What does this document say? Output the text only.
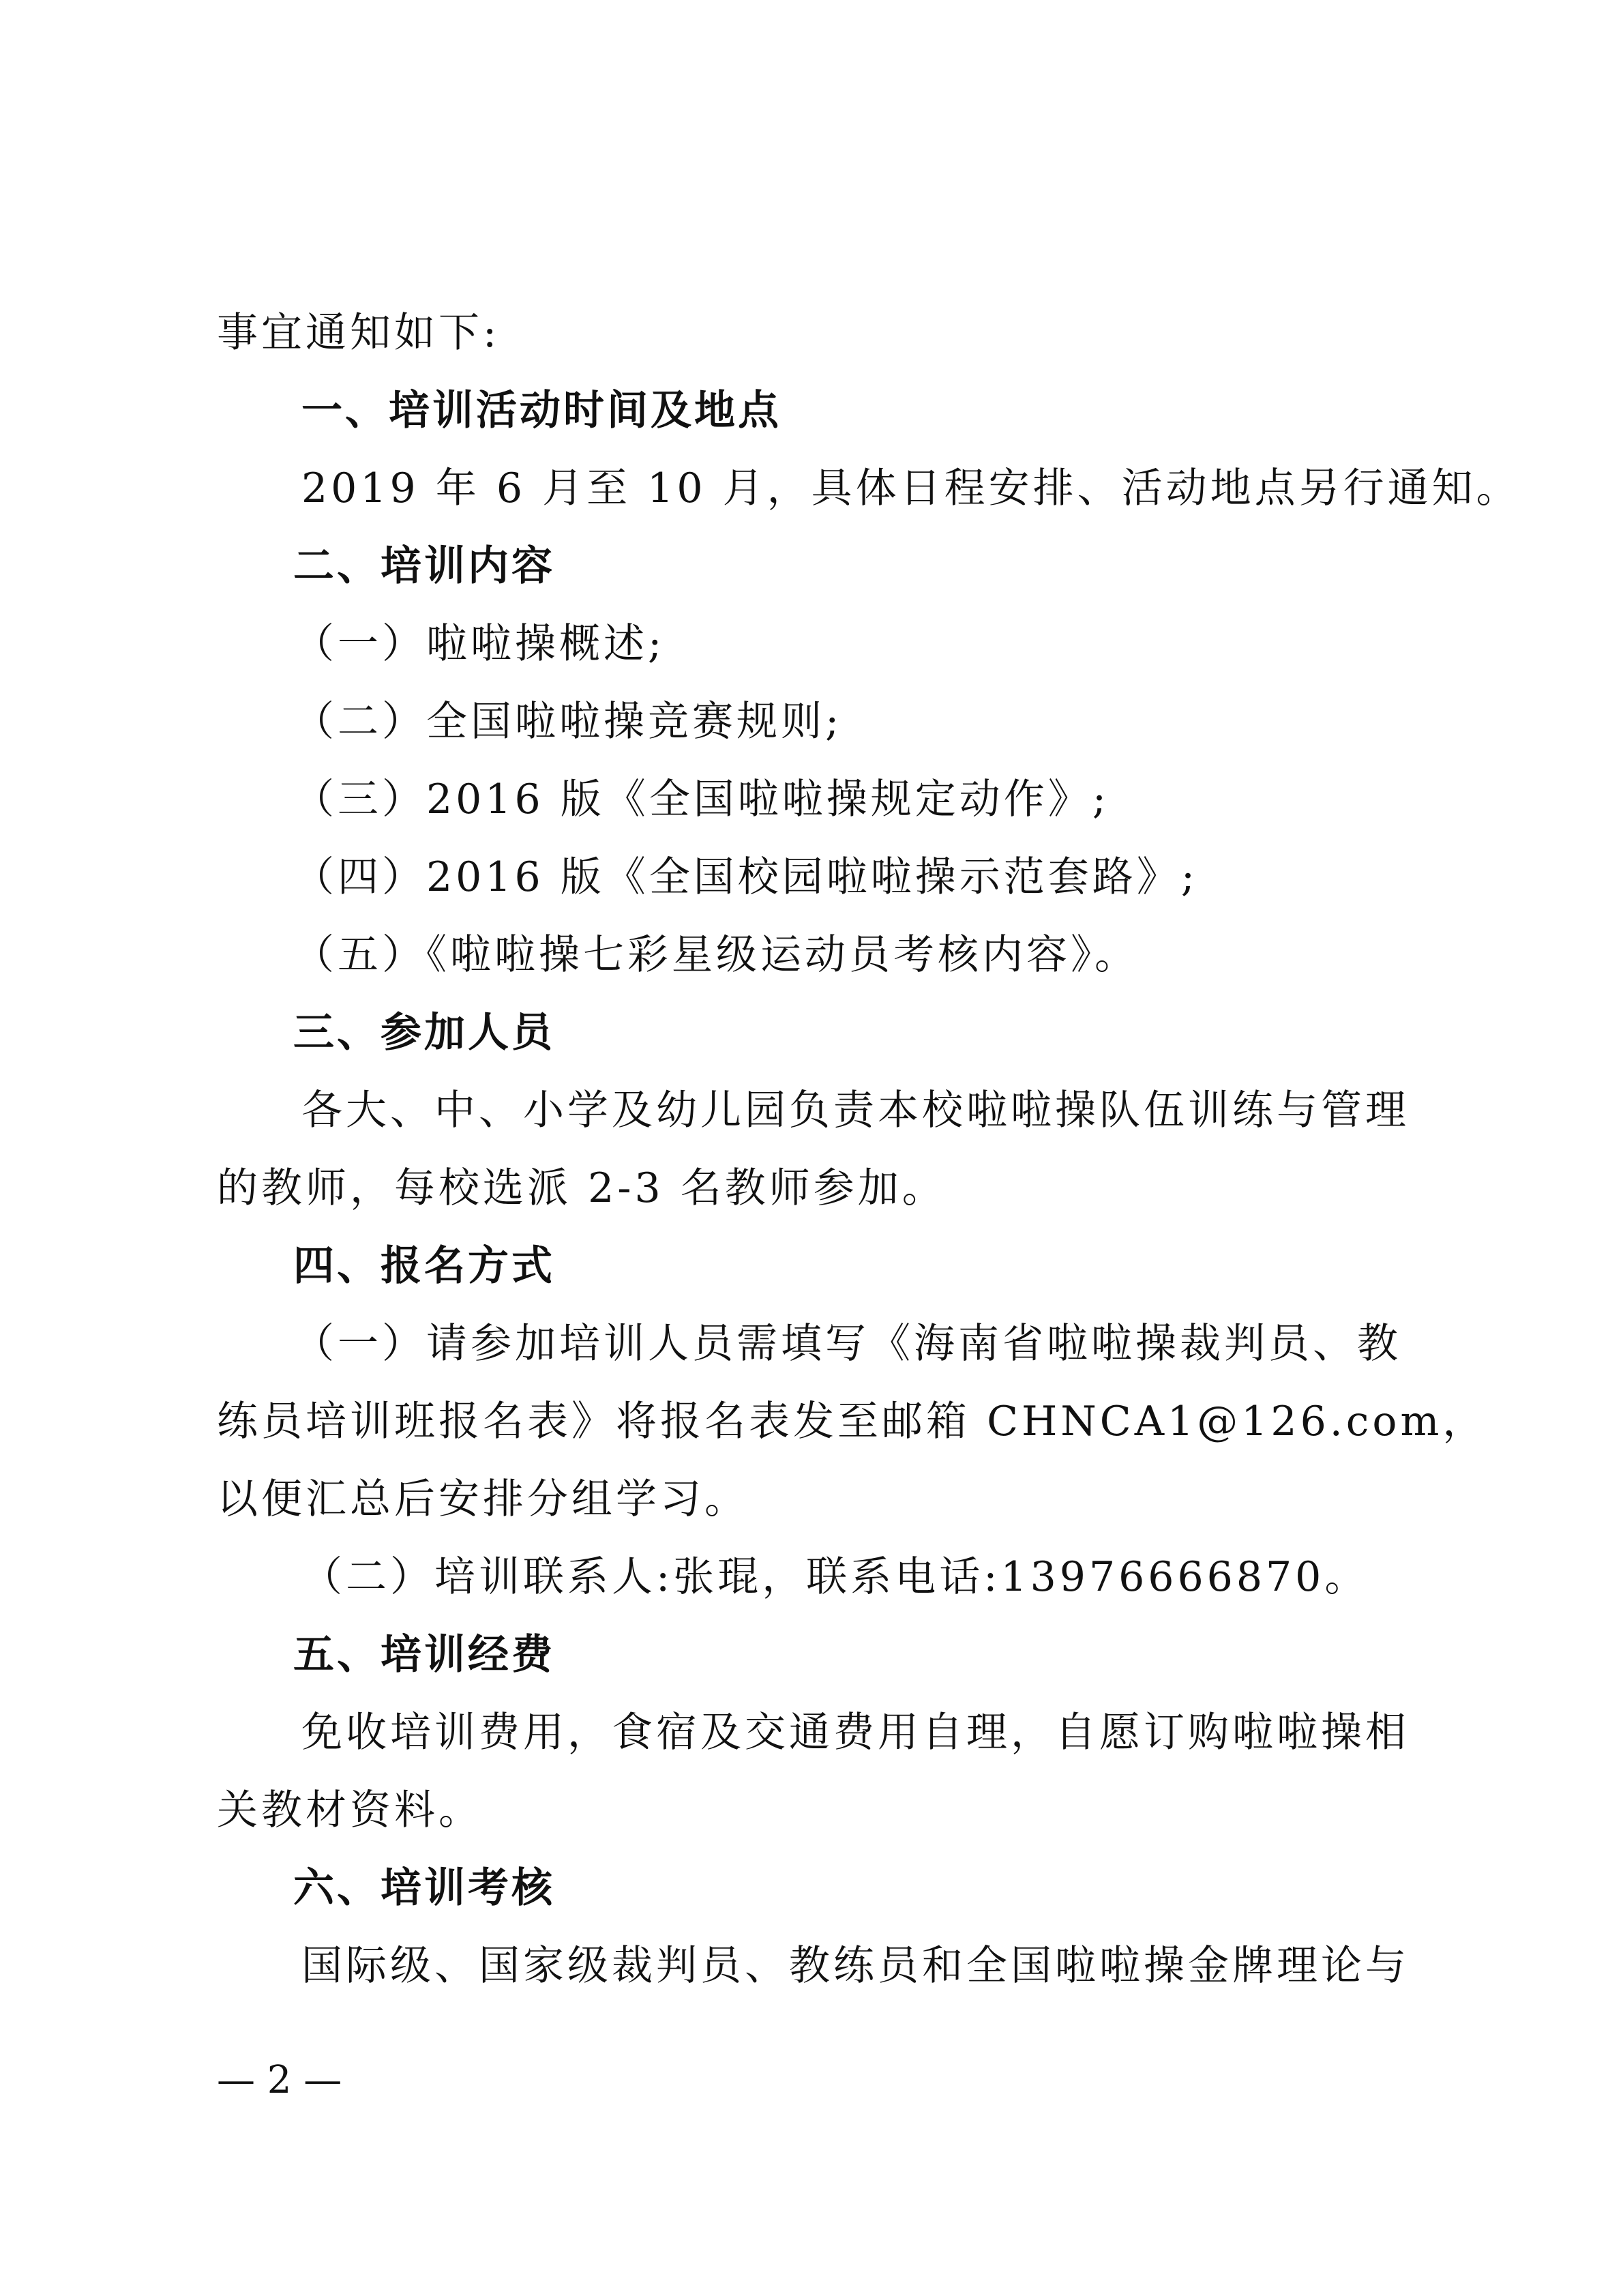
事宜通知如下:
一、培训活动时间及地点
2019 年 6 月至 10 月，具体日程安排、活动地点另行通知。
二、培训内容
（一）啦啦操概述;
（二）全国啦啦操竞赛规则;
（三）2016 版《全国啦啦操规定动作》;
（四）2016 版《全国校园啦啦操示范套路》;
（五）《啦啦操七彩星级运动员考核内容》。
三、参加人员
各大、中、小学及幼儿园负责本校啦啦操队伍训练与管理
的教师，每校选派 2-3 名教师参加。
四、报名方式
（一）请参加培训人员需填写《海南省啦啦操裁判员、教
练员培训班报名表》将报名表发至邮箱 CHNCA1@126.com，
以便汇总后安排分组学习。
（二）培训联系人:张琨，联系电话:13976666870。
五、培训经费
免收培训费用，食宿及交通费用自理，自愿订购啦啦操相
关教材资料。
六、培训考核
国际级、国家级裁判员、教练员和全国啦啦操金牌理论与
— 2 —
